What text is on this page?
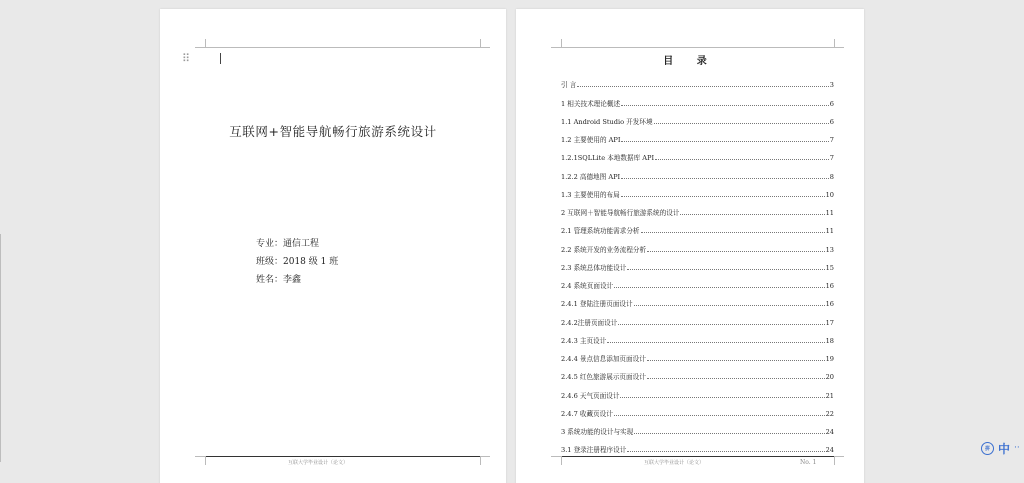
⠿
互联网+智能导航畅行旅游系统设计
专业：通信工程
班级：2018 级 1 班
姓名：李鑫
互联大学毕业设计（论文）
目 录
引 言	3
1 相关技术理论概述	6
1.1 Android Studio 开发环境	6
1.2 主要使用的 API	7
1.2.1SQLLite 本地数据库 API	7
1.2.2 高德地图 API	8
1.3 主要使用的布局	10
2 互联网＋智能导航畅行旅游系统的设计	11
2.1 管理系统功能需求分析	11
2.2 系统开发的业务流程分析	13
2.3 系统总体功能设计	15
2.4 系统页面设计	16
2.4.1 登陆注册页面设计	16
2.4.2注册页面设计	17
2.4.3 主页设计	18
2.4.4 景点信息添加页面设计	19
2.4.5 红色旅游展示页面设计	20
2.4.6 天气页面设计	21
2.4.7 收藏页设计	22
3 系统功能的设计与实现	24
3.1 登录注册程序设计	24
互联大学毕业设计（论文）	No. 1
拼 中 ··
